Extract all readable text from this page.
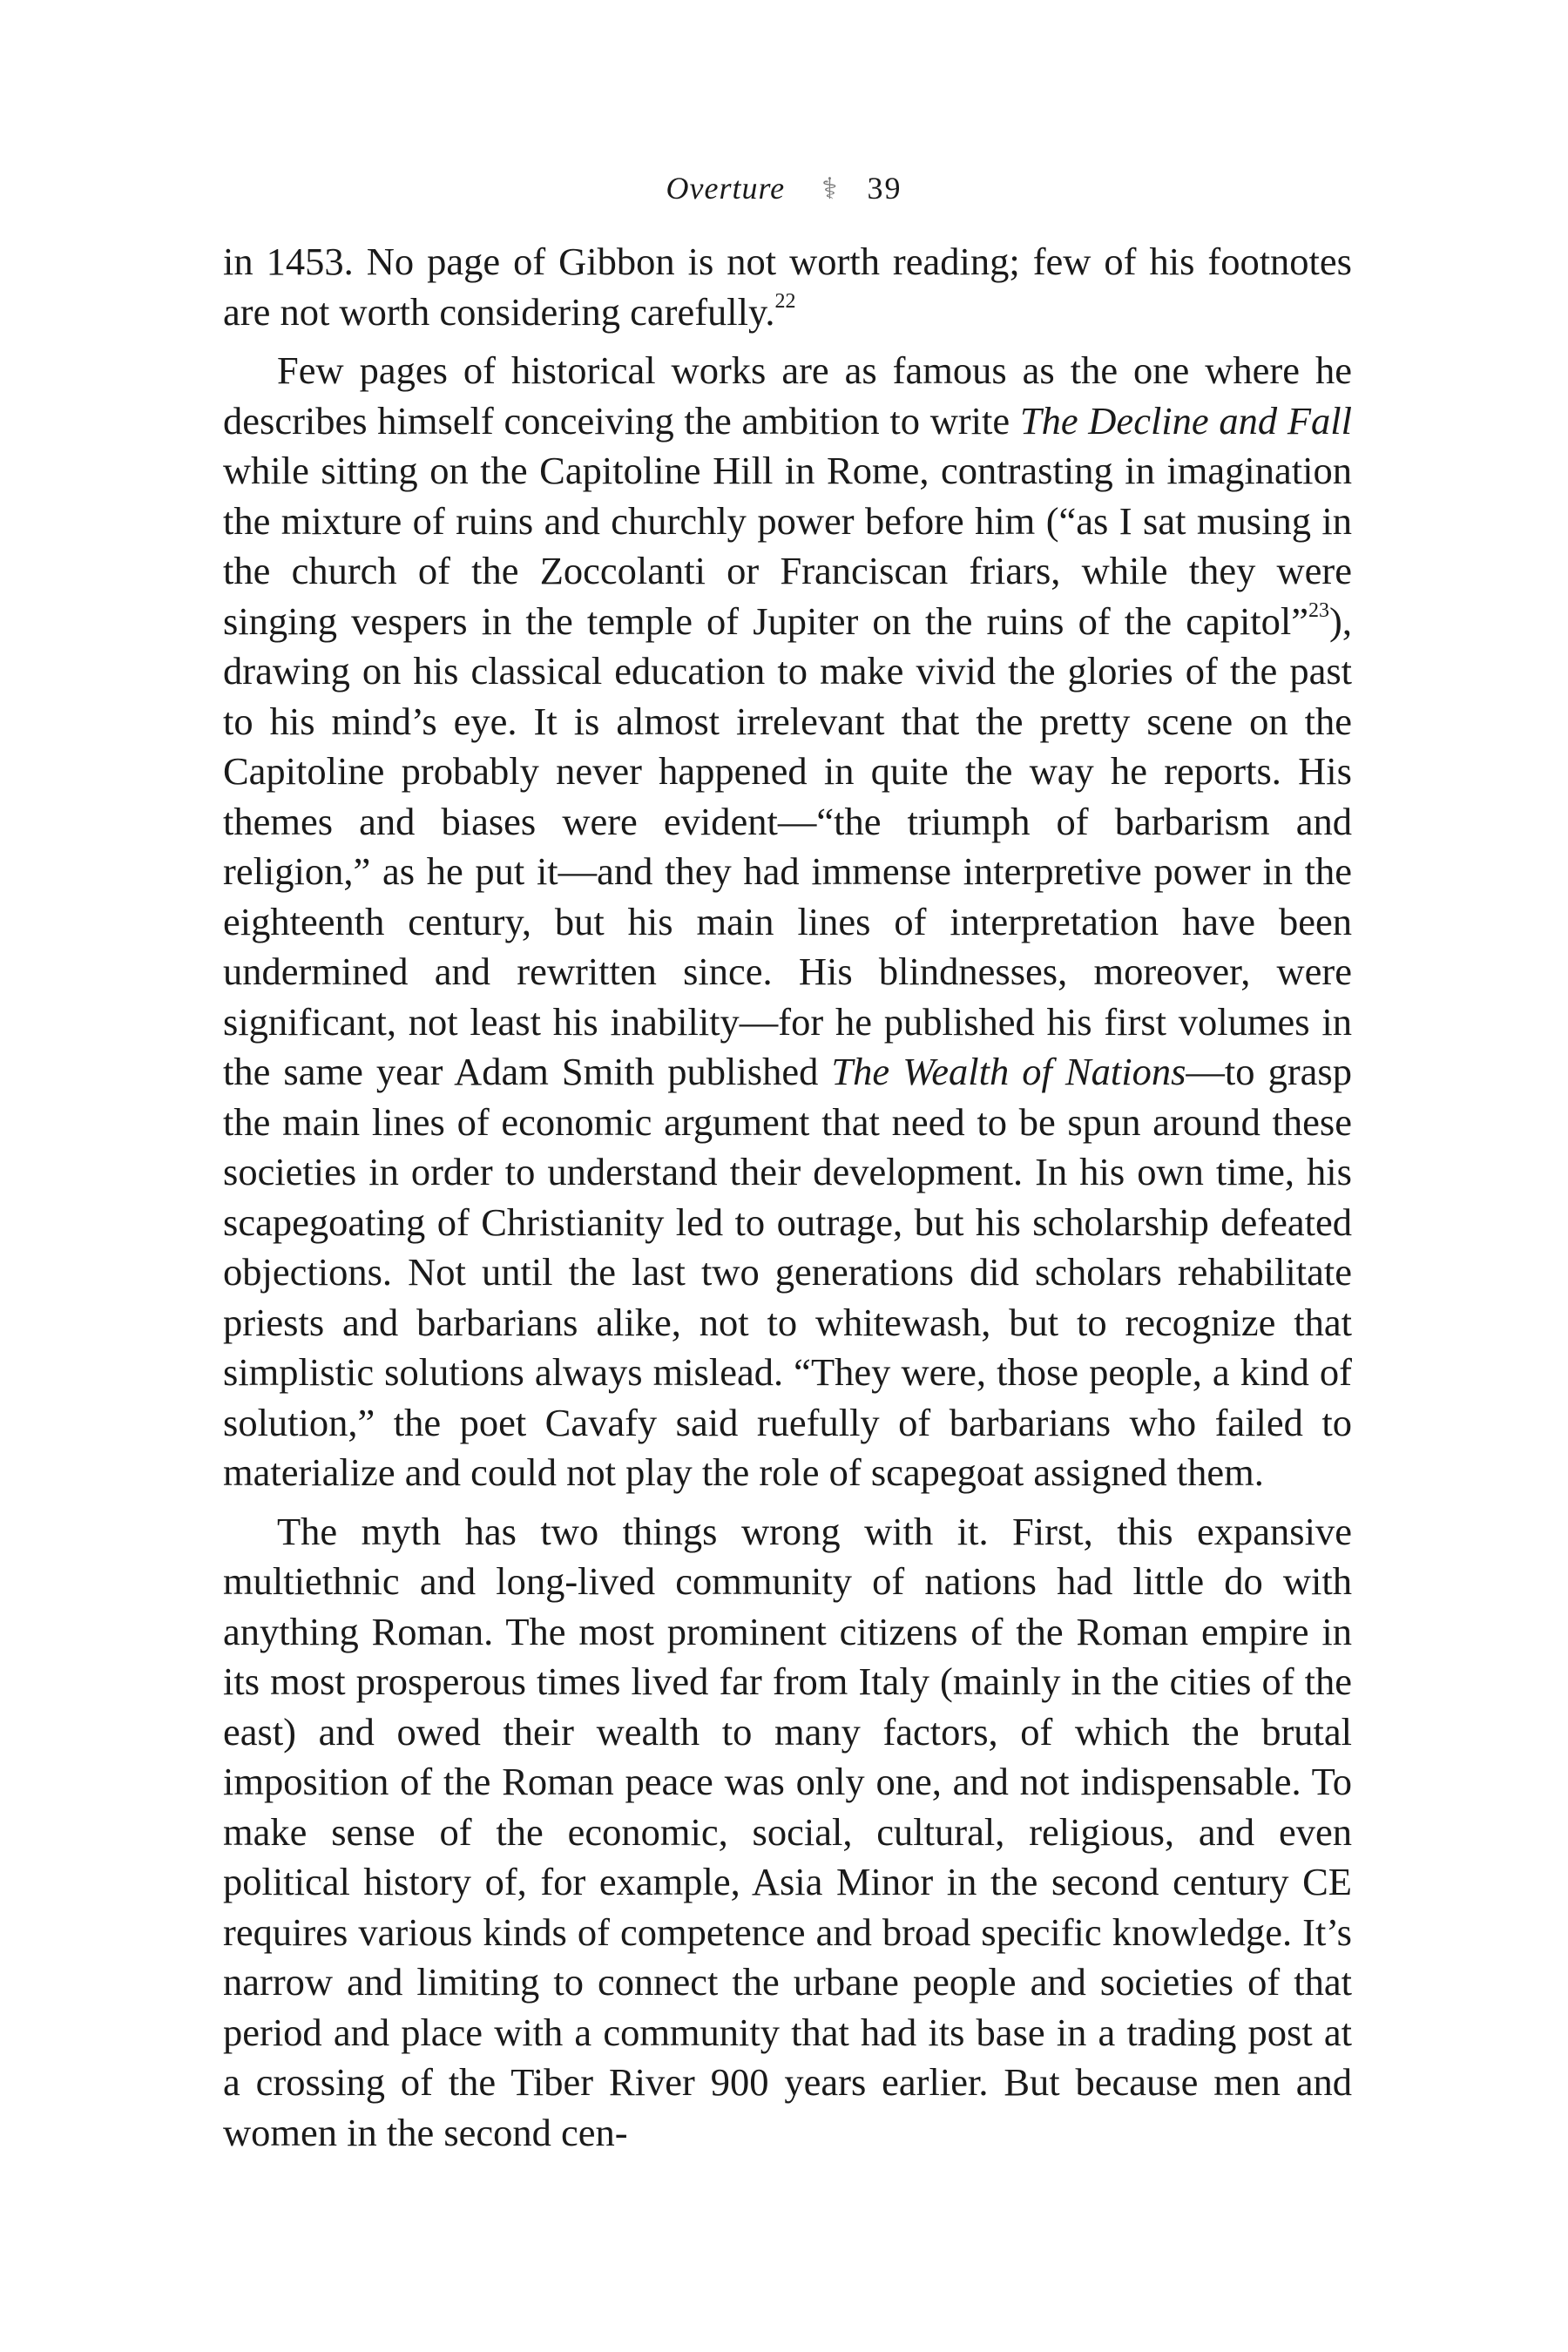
Overture ⚕ 39

in 1453. No page of Gibbon is not worth reading; few of his footnotes are not worth considering carefully.$^{22}$

Few pages of historical works are as famous as the one where he describes himself conceiving the ambition to write The Decline and Fall while sitting on the Capitoline Hill in Rome, contrasting in imagination the mixture of ruins and churchly power before him (“as I sat musing in the church of the Zoccolanti or Franciscan friars, while they were singing vespers in the temple of Jupiter on the ruins of the capitol”$^{23}$), drawing on his classical education to make vivid the glories of the past to his mind’s eye. It is almost irrelevant that the pretty scene on the Capitoline probably never happened in quite the way he reports. His themes and biases were evident—“the triumph of barbarism and religion,” as he put it—and they had immense interpretive power in the eighteenth century, but his main lines of interpretation have been undermined and rewritten since. His blindnesses, moreover, were significant, not least his inability—for he published his first volumes in the same year Adam Smith published The Wealth of Nations—to grasp the main lines of economic argument that need to be spun around these societies in order to understand their development. In his own time, his scapegoating of Christianity led to outrage, but his scholarship defeated objections. Not until the last two generations did scholars rehabilitate priests and barbarians alike, not to whitewash, but to recognize that simplistic solutions always mislead. “They were, those people, a kind of solution,” the poet Cavafy said ruefully of barbarians who failed to materialize and could not play the role of scapegoat assigned them.

The myth has two things wrong with it. First, this expansive multiethnic and long-lived community of nations had little do with anything Roman. The most prominent citizens of the Roman empire in its most prosperous times lived far from Italy (mainly in the cities of the east) and owed their wealth to many factors, of which the brutal imposition of the Roman peace was only one, and not indispensable. To make sense of the economic, social, cultural, religious, and even political history of, for example, Asia Minor in the second century CE requires various kinds of competence and broad specific knowledge. It’s narrow and limiting to connect the urbane people and societies of that period and place with a community that had its base in a trading post at a crossing of the Tiber River 900 years earlier. But because men and women in the second cen-
